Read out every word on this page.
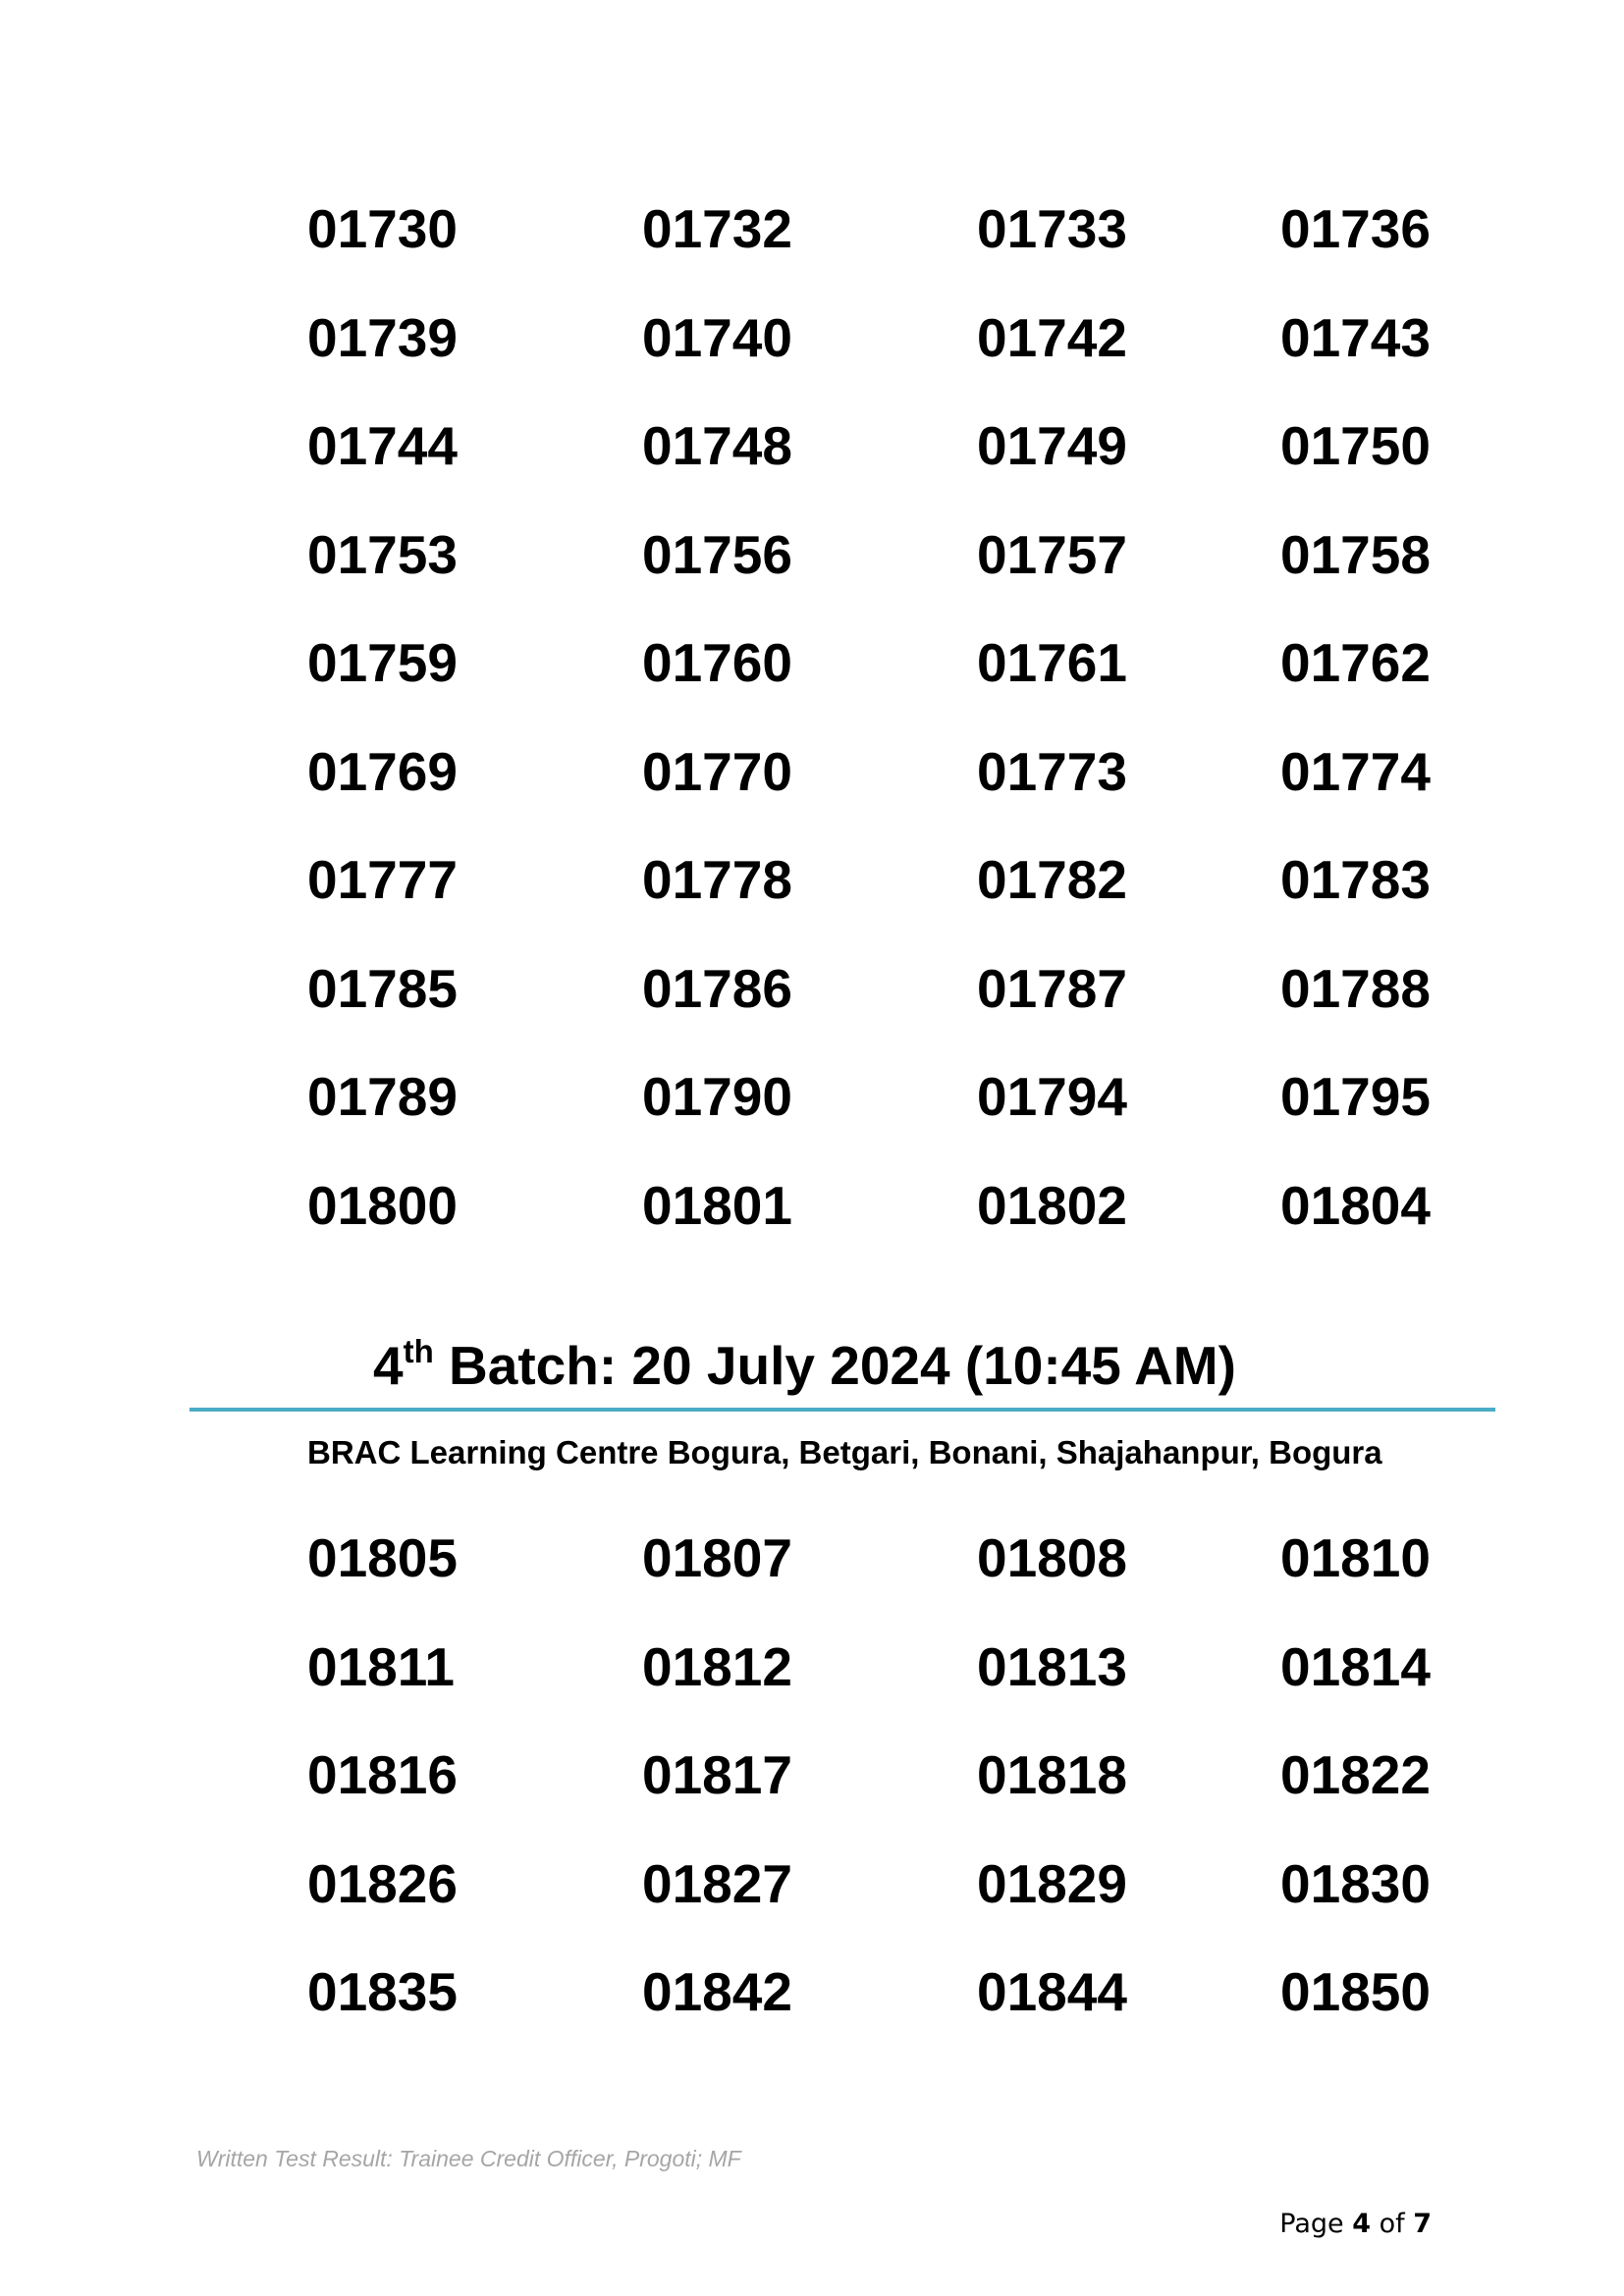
01730	01732	01733	01736
01739	01740	01742	01743
01744	01748	01749	01750
01753	01756	01757	01758
01759	01760	01761	01762
01769	01770	01773	01774
01777	01778	01782	01783
01785	01786	01787	01788
01789	01790	01794	01795
01800	01801	01802	01804
4th Batch: 20 July 2024 (10:45 AM)
BRAC Learning Centre Bogura, Betgari, Bonani, Shajahanpur, Bogura
01805	01807	01808	01810
01811	01812	01813	01814
01816	01817	01818	01822
01826	01827	01829	01830
01835	01842	01844	01850
Written Test Result: Trainee Credit Officer, Progoti; MF
Page 4 of 7
